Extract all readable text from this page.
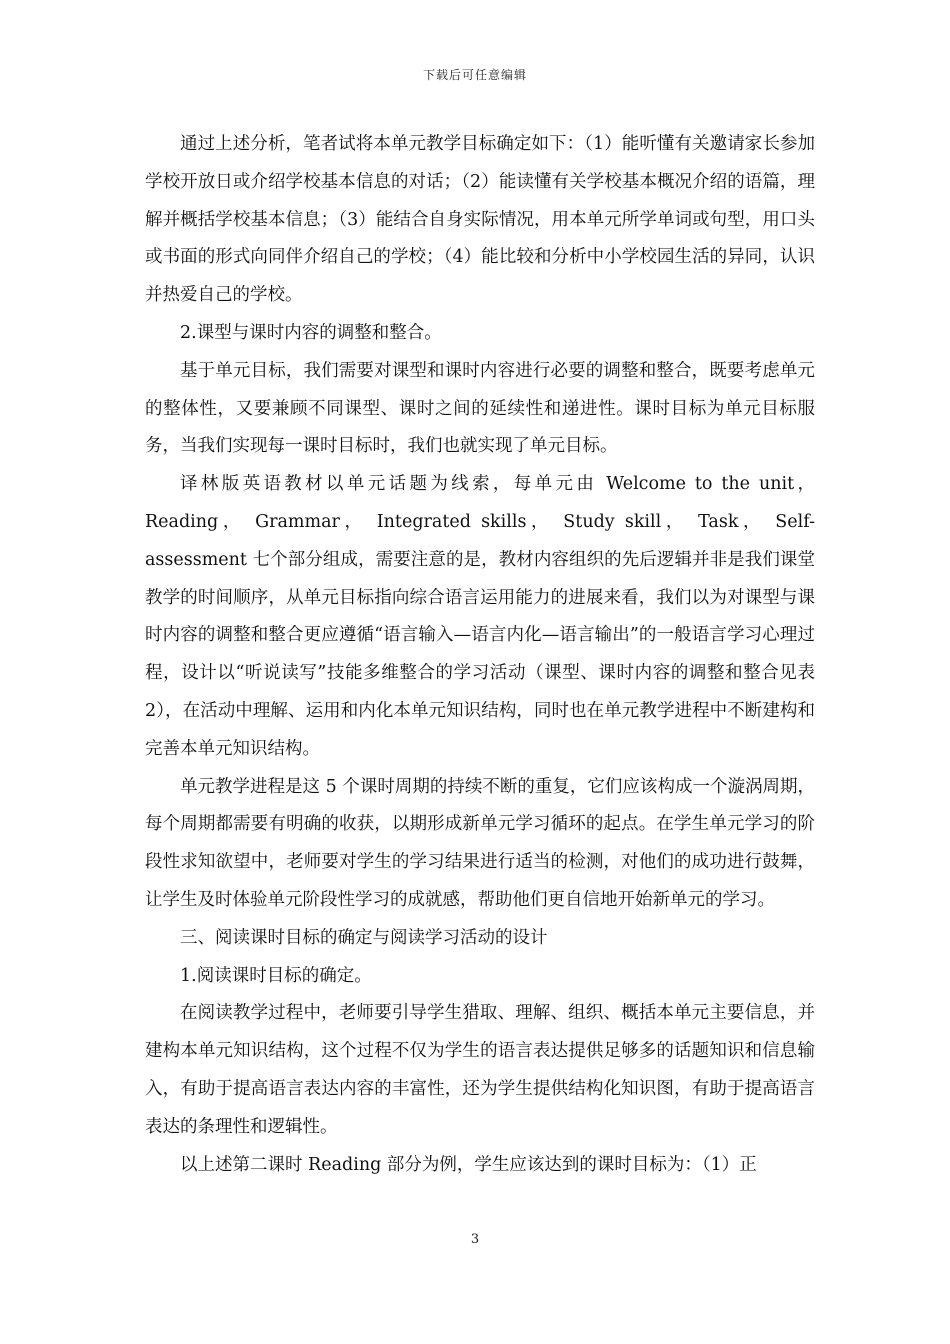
下载后可任意编辑

通过上述分析，笔者试将本单元教学目标确定如下：（1）能听懂有关邀请家长参加学校开放日或介绍学校基本信息的对话；（2）能读懂有关学校基本概况介绍的语篇，理解并概括学校基本信息；（3）能结合自身实际情况，用本单元所学单词或句型，用口头或书面的形式向同伴介绍自己的学校；（4）能比较和分析中小学校园生活的异同，认识并热爱自己的学校。

2.课型与课时内容的调整和整合。

基于单元目标，我们需要对课型和课时内容进行必要的调整和整合，既要考虑单元的整体性，又要兼顾不同课型、课时之间的延续性和递进性。课时目标为单元目标服务，当我们实现每一课时目标时，我们也就实现了单元目标。

译林版英语教材以单元话题为线索，每单元由 Welcome to the unit，Reading， Grammar， Integrated skills， Study skill， Task， Self-assessment 七个部分组成，需要注意的是，教材内容组织的先后逻辑并非是我们课堂教学的时间顺序，从单元目标指向综合语言运用能力的进展来看，我们以为对课型与课时内容的调整和整合更应遵循“语言输入—语言内化—语言输出”的一般语言学习心理过程，设计以“听说读写”技能多维整合的学习活动（课型、课时内容的调整和整合见表 2），在活动中理解、运用和内化本单元知识结构，同时也在单元教学进程中不断建构和完善本单元知识结构。

单元教学进程是这 5 个课时周期的持续不断的重复，它们应该构成一个漩涡周期，每个周期都需要有明确的收获，以期形成新单元学习循环的起点。在学生单元学习的阶段性求知欲望中，老师要对学生的学习结果进行适当的检测，对他们的成功进行鼓舞，让学生及时体验单元阶段性学习的成就感，帮助他们更自信地开始新单元的学习。

三、阅读课时目标的确定与阅读学习活动的设计

1.阅读课时目标的确定。

在阅读教学过程中，老师要引导学生猎取、理解、组织、概括本单元主要信息，并建构本单元知识结构，这个过程不仅为学生的语言表达提供足够多的话题知识和信息输入，有助于提高语言表达内容的丰富性，还为学生提供结构化知识图，有助于提高语言表达的条理性和逻辑性。

以上述第二课时 Reading 部分为例，学生应该达到的课时目标为：（1）正

3
